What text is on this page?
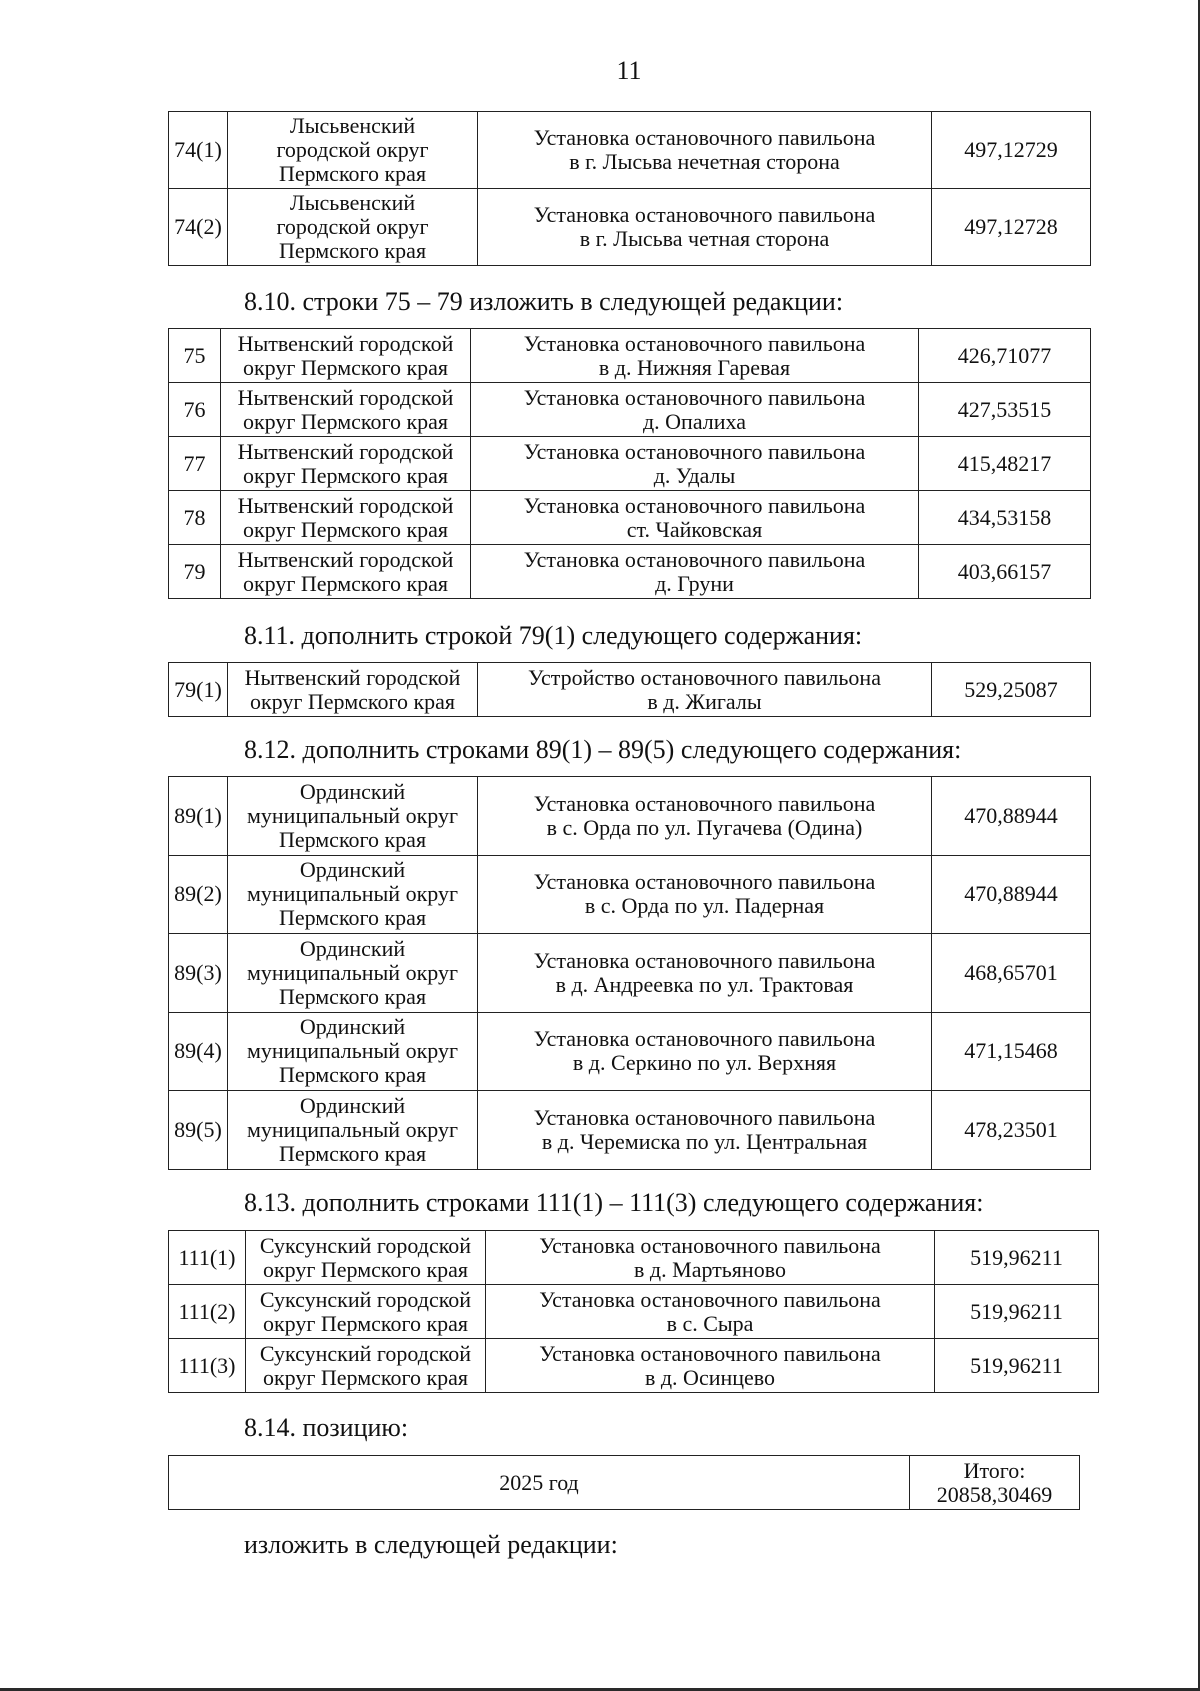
11
74(1)	Лысьвенский
городской округ
Пермского края	Установка остановочного павильона
в г. Лысьва нечетная сторона	497,12729

74(2)	Лысьвенский
городской округ
Пермского края	Установка остановочного павильона
в г. Лысьва четная сторона	497,12728
8.10. строки 75 – 79 изложить в следующей редакции:
75	Нытвенский городской
округ Пермского края	Установка остановочного павильона
в д. Нижняя Гаревая	426,71077

76	Нытвенский городской
округ Пермского края	Установка остановочного павильона
д. Опалиха	427,53515

77	Нытвенский городской
округ Пермского края	Установка остановочного павильона
д. Удалы	415,48217

78	Нытвенский городской
округ Пермского края	Установка остановочного павильона
ст. Чайковская	434,53158

79	Нытвенский городской
округ Пермского края	Установка остановочного павильона
д. Груни	403,66157
8.11. дополнить строкой 79(1) следующего содержания:
79(1)	Нытвенский городской
округ Пермского края

Устройство остановочного павильона
в д. Жигалы	529,25087
8.12. дополнить строками 89(1) – 89(5) следующего содержания:
89(1)	Ординский
муниципальный округ
Пермского края	Установка остановочного павильона
в с. Орда по ул. Пугачева (Одина)	470,88944

89(2)	Ординский
муниципальный округ
Пермского края	Установка остановочного павильона
в с. Орда по ул. Падерная	470,88944

89(3)	Ординский
муниципальный округ
Пермского края	Установка остановочного павильона
в д. Андреевка по ул. Трактовая	468,65701

89(4)	Ординский
муниципальный округ
Пермского края	Установка остановочного павильона
в д. Серкино по ул. Верхняя	471,15468

89(5)	Ординский
муниципальный округ
Пермского края	Установка остановочного павильона
в д. Черемиска по ул. Центральная	478,23501
8.13. дополнить строками 111(1) – 111(3) следующего содержания:
111(1)	Суксунский городской
округ Пермского края	Установка остановочного павильона
в д. Мартьяново	519,96211

111(2)	Суксунский городской
округ Пермского края	Установка остановочного павильона
в с. Сыра	519,96211

111(3)	Суксунский городской
округ Пермского края	Установка остановочного павильона
в д. Осинцево	519,96211
8.14. позицию:
2025 год	Итого:
20858,30469
изложить в следующей редакции:
